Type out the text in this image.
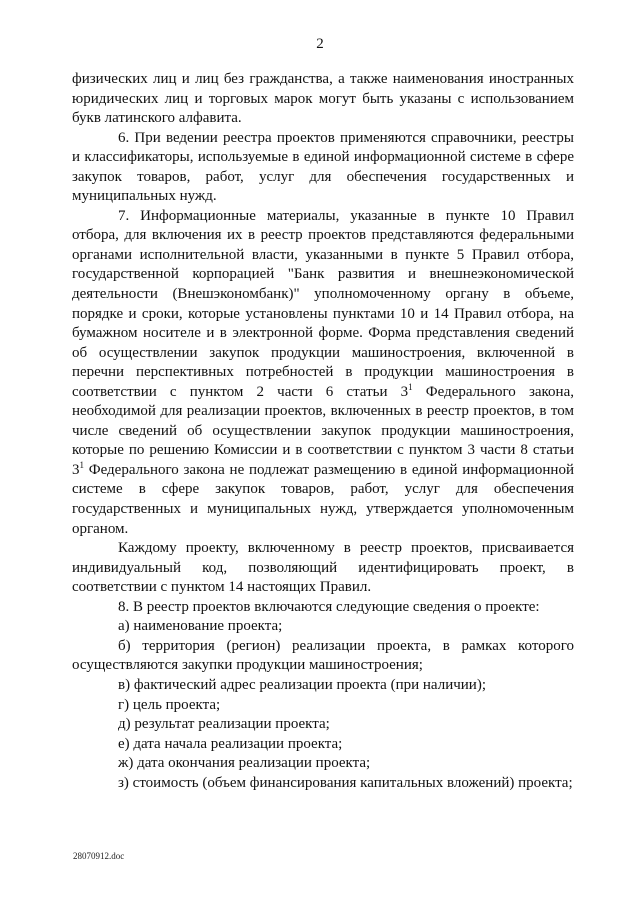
2

физических лиц и лиц без гражданства, а также наименования иностранных юридических лиц и торговых марок могут быть указаны с использованием букв латинского алфавита.

6. При ведении реестра проектов применяются справочники, реестры и классификаторы, используемые в единой информационной системе в сфере закупок товаров, работ, услуг для обеспечения государственных и муниципальных нужд.

7. Информационные материалы, указанные в пункте 10 Правил отбора, для включения их в реестр проектов представляются федеральными органами исполнительной власти, указанными в пункте 5 Правил отбора, государственной корпорацией "Банк развития и внешнеэкономической деятельности (Внешэкономбанк)" уполномоченному органу в объеме, порядке и сроки, которые установлены пунктами 10 и 14 Правил отбора, на бумажном носителе и в электронной форме. Форма представления сведений об осуществлении закупок продукции машиностроения, включенной в перечни перспективных потребностей в продукции машиностроения в соответствии с пунктом 2 части 6 статьи $3^1$ Федерального закона, необходимой для реализации проектов, включенных в реестр проектов, в том числе сведений об осуществлении закупок продукции машиностроения, которые по решению Комиссии и в соответствии с пунктом 3 части 8 статьи $3^1$ Федерального закона не подлежат размещению в единой информационной системе в сфере закупок товаров, работ, услуг для обеспечения государственных и муниципальных нужд, утверждается уполномоченным органом.

Каждому проекту, включенному в реестр проектов, присваивается индивидуальный код, позволяющий идентифицировать проект, в соответствии с пунктом 14 настоящих Правил.

8. В реестр проектов включаются следующие сведения о проекте:

а) наименование проекта;

б) территория (регион) реализации проекта, в рамках которого осуществляются закупки продукции машиностроения;

в) фактический адрес реализации проекта (при наличии);

г) цель проекта;

д) результат реализации проекта;

е) дата начала реализации проекта;

ж) дата окончания реализации проекта;

з) стоимость (объем финансирования капитальных вложений) проекта;

28070912.doc
